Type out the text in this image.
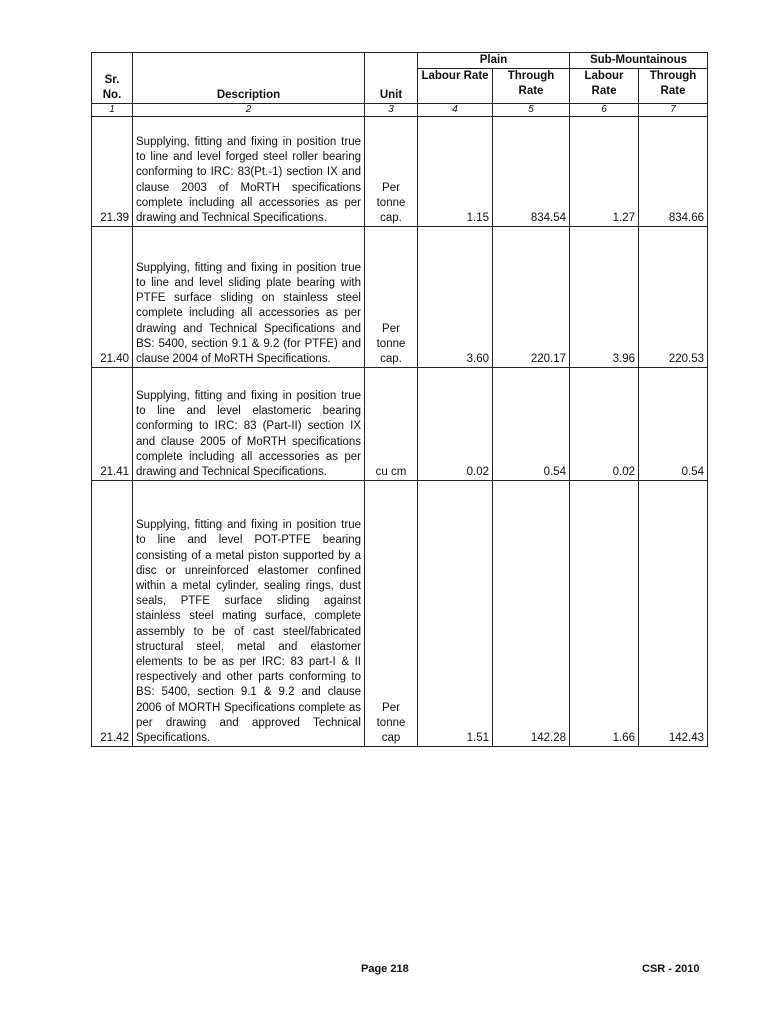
Sr. No.	Description	Unit	Plain		Sub-Mountainous	
			Labour Rate	Through Rate	Labour Rate	Through Rate
1	2	3	4	5	6	7
21.39	Supplying, fitting and fixing in position true to line and level forged steel roller bearing conforming to IRC: 83(Pt.-1) section IX and clause 2003 of MoRTH specifications complete including all accessories as per drawing and Technical Specifications.	Per tonne cap.	1.15	834.54	1.27	834.66
21.40	Supplying, fitting and fixing in position true to line and level sliding plate bearing with PTFE surface sliding on stainless steel complete including all accessories as per drawing and Technical Specifications and BS: 5400, section 9.1 & 9.2 (for PTFE) and clause 2004 of MoRTH Specifications.	Per tonne cap.	3.60	220.17	3.96	220.53
21.41	Supplying, fitting and fixing in position true to line and level elastomeric bearing conforming to IRC: 83 (Part-II) section IX and clause 2005 of MoRTH specifications complete including all accessories as per drawing and Technical Specifications.	cu cm	0.02	0.54	0.02	0.54
21.42	Supplying, fitting and fixing in position true to line and level POT-PTFE bearing consisting of a metal piston supported by a disc or unreinforced elastomer confined within a metal cylinder, sealing rings, dust seals, PTFE surface sliding against stainless steel mating surface, complete assembly to be of cast steel/fabricated structural steel, metal and elastomer elements to be as per IRC: 83 part-I & II respectively and other parts conforming to BS: 5400, section 9.1 & 9.2 and clause 2006 of MORTH Specifications complete as per drawing and approved Technical Specifications.	Per tonne cap	1.51	142.28	1.66	142.43
Page 218	CSR - 2010
